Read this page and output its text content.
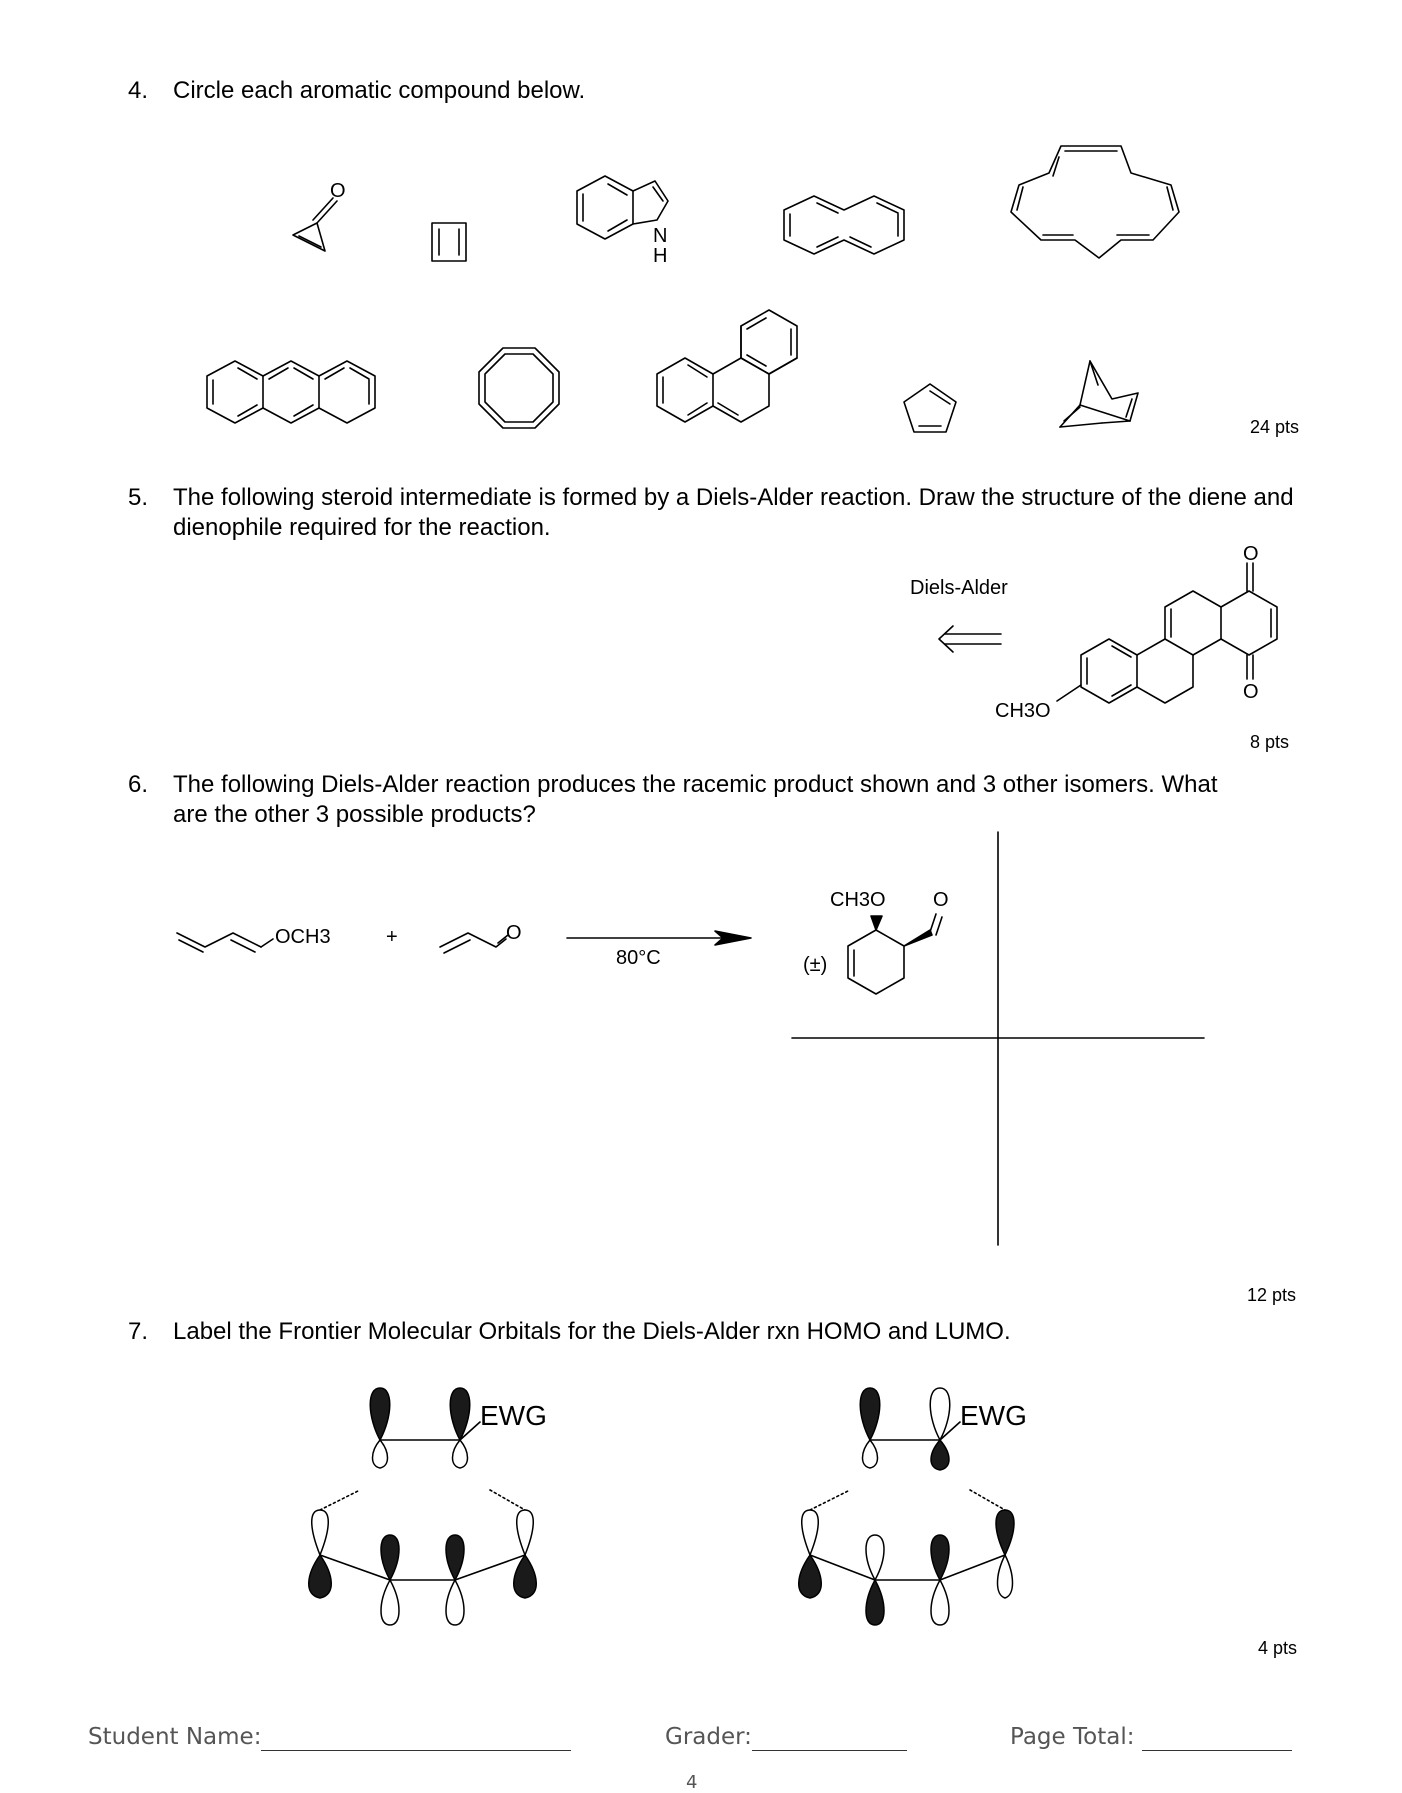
4. Circle each aromatic compound below.
O
N
H
24 pts
5. The following steroid intermediate is formed by a Diels-Alder reaction. Draw the structure of the diene and dienophile required for the reaction.
Diels-Alder
CH3O
O
O
8 pts
6. The following Diels-Alder reaction produces the racemic product shown and 3 other isomers. What are the other 3 possible products?
OCH3	+	O
80°C	(±)
CH3O O
12 pts
7. Label the Frontier Molecular Orbitals for the Diels-Alder rxn HOMO and LUMO.
EWG	EWG
4 pts
Student Name:	Grader:	Page Total:
4
